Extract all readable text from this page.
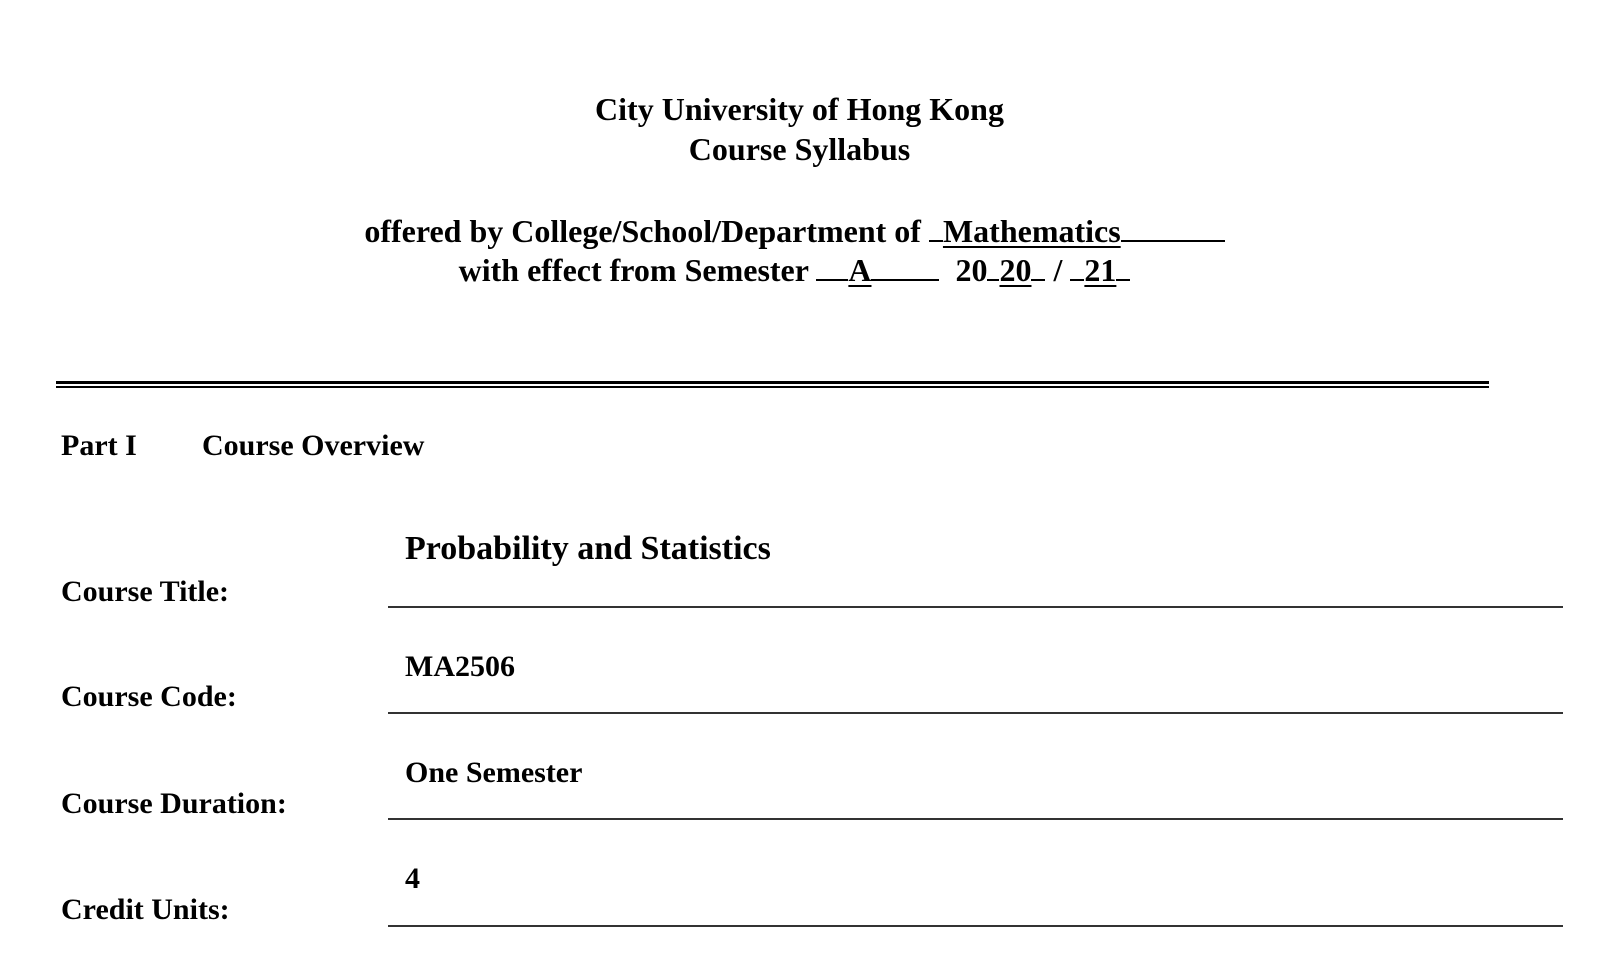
City University of Hong Kong
Course Syllabus
offered by College/School/Department of Mathematics
with effect from Semester A	20 20 / 21
Part I Course Overview
Probability and Statistics
Course Title:
MA2506
Course Code:
One Semester
Course Duration:
4
Credit Units:
